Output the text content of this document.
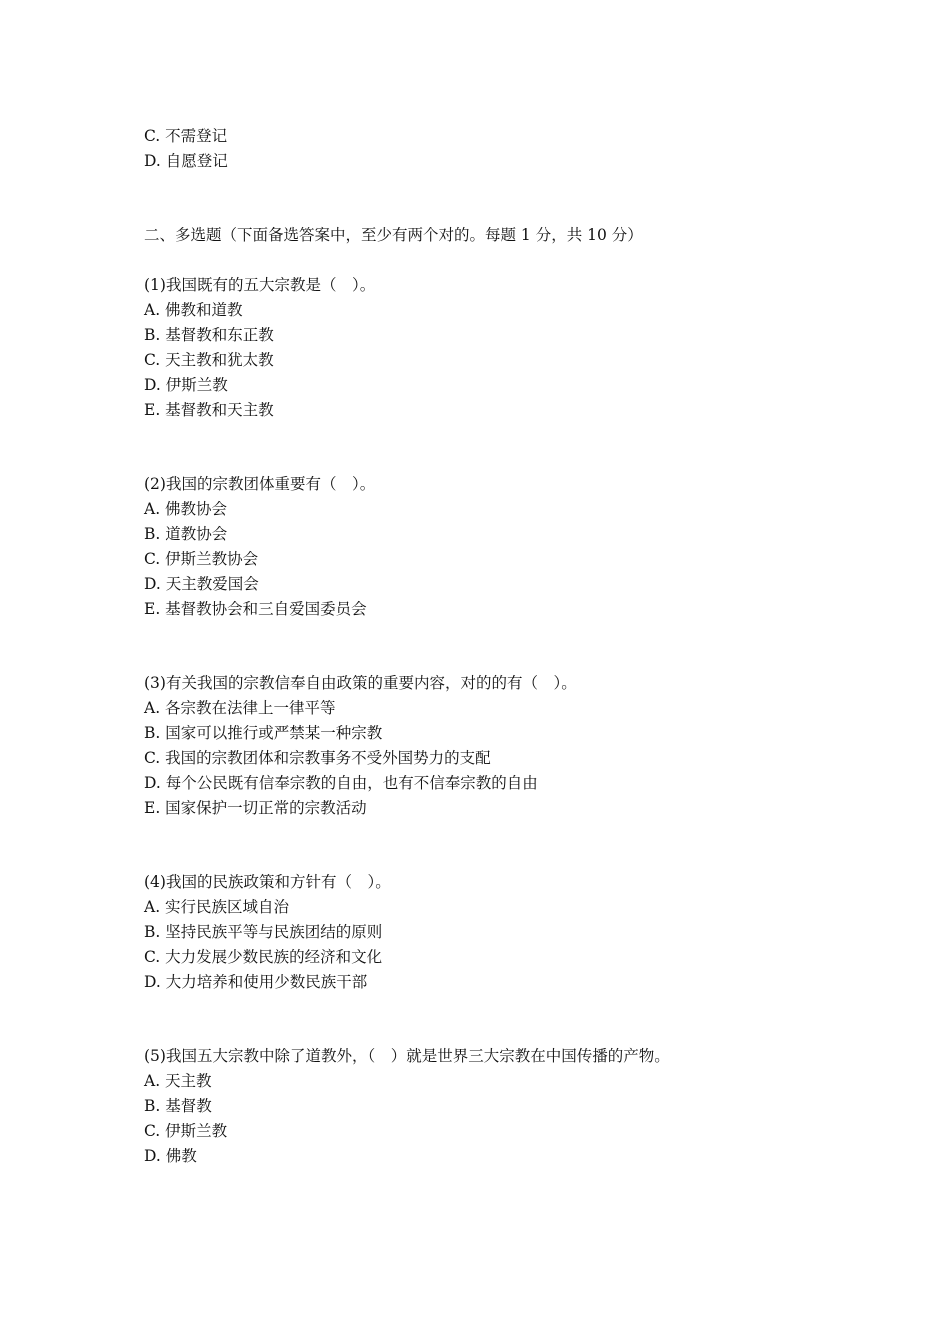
C. 不需登记
D. 自愿登记
二、多选题（下面备选答案中，至少有两个对的。每题 1 分，共 10 分）
(1)我国既有的五大宗教是（　）。
A. 佛教和道教
B. 基督教和东正教
C. 天主教和犹太教
D. 伊斯兰教
E. 基督教和天主教
(2)我国的宗教团体重要有（　）。
A. 佛教协会
B. 道教协会
C. 伊斯兰教协会
D. 天主教爱国会
E. 基督教协会和三自爱国委员会
(3)有关我国的宗教信奉自由政策的重要内容，对的的有（　）。
A. 各宗教在法律上一律平等
B. 国家可以推行或严禁某一种宗教
C. 我国的宗教团体和宗教事务不受外国势力的支配
D. 每个公民既有信奉宗教的自由，也有不信奉宗教的自由
E. 国家保护一切正常的宗教活动
(4)我国的民族政策和方针有（　）。
A. 实行民族区域自治
B. 坚持民族平等与民族团结的原则
C. 大力发展少数民族的经济和文化
D. 大力培养和使用少数民族干部
(5)我国五大宗教中除了道教外，（　）就是世界三大宗教在中国传播的产物。
A. 天主教
B. 基督教
C. 伊斯兰教
D. 佛教
